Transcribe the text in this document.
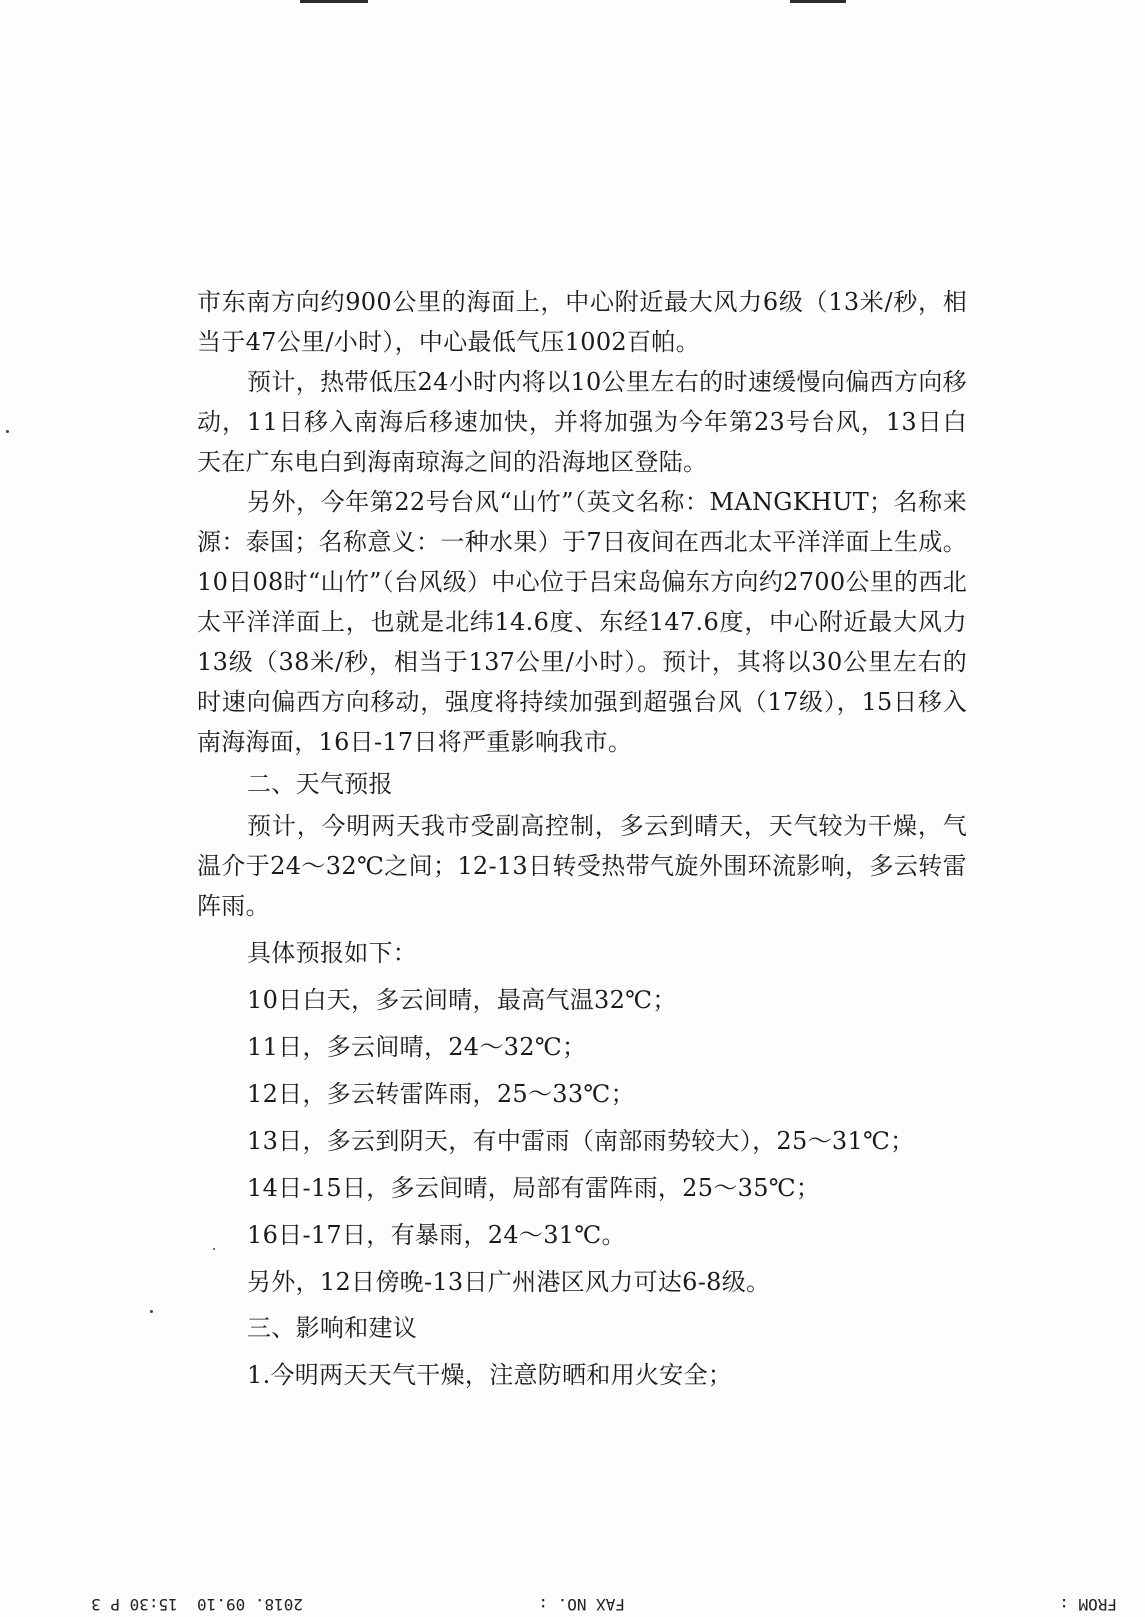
市东南方向约900公里的海面上，中心附近最大风力6级（13米/秒，相当于47公里/小时），中心最低气压1002百帕。

预计，热带低压24小时内将以10公里左右的时速缓慢向偏西方向移动，11日移入南海后移速加快，并将加强为今年第23号台风，13日白天在广东电白到海南琼海之间的沿海地区登陆。

另外，今年第22号台风“山竹”（英文名称：MANGKHUT；名称来源：泰国；名称意义：一种水果）于7日夜间在西北太平洋洋面上生成。10日08时“山竹”（台风级）中心位于吕宋岛偏东方向约2700公里的西北太平洋洋面上，也就是北纬14.6度、东经147.6度，中心附近最大风力13级（38米/秒，相当于137公里/小时）。预计，其将以30公里左右的时速向偏西方向移动，强度将持续加强到超强台风（17级），15日移入南海海面，16日-17日将严重影响我市。

二、天气预报

预计，今明两天我市受副高控制，多云到晴天，天气较为干燥，气温介于24～32℃之间；12-13日转受热带气旋外围环流影响，多云转雷阵雨。

具体预报如下：

10日白天，多云间晴，最高气温32℃；

11日，多云间晴，24～32℃；

12日，多云转雷阵雨，25～33℃；

13日，多云到阴天，有中雷雨（南部雨势较大），25～31℃；

14日-15日，多云间晴，局部有雷阵雨，25～35℃；

16日-17日，有暴雨，24～31℃。

另外，12日傍晚-13日广州港区风力可达6-8级。

三、影响和建议

1.今明两天天气干燥，注意防晒和用火安全；

FROM :
FAX NO. :
2018. 09.10  15:30 P 3
